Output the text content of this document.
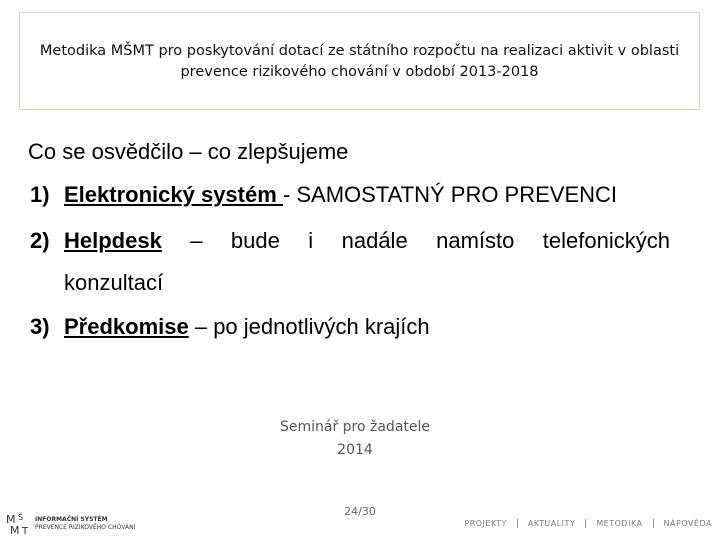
Metodika MŠMT pro poskytování dotací ze státního rozpočtu na realizaci aktivit v oblasti
prevence rizikového chování v období 2013-2018
Co se osvědčilo – co zlepšujeme
1) Elektronický systém - SAMOSTATNÝ PRO PREVENCI
2) Helpdesk – bude i nadále namísto telefonických
konzultací
3) Předkomise – po jednotlivých krajích
Seminář pro žadatele
2014
24/30
M Š
M T
INFORMAČNÍ SYSTÉM
PREVENCE RIZIKOVÉHO CHOVÁNÍ	PROJEKTY	AKTUALITY	METODIKA	NÁPOVĚDA
